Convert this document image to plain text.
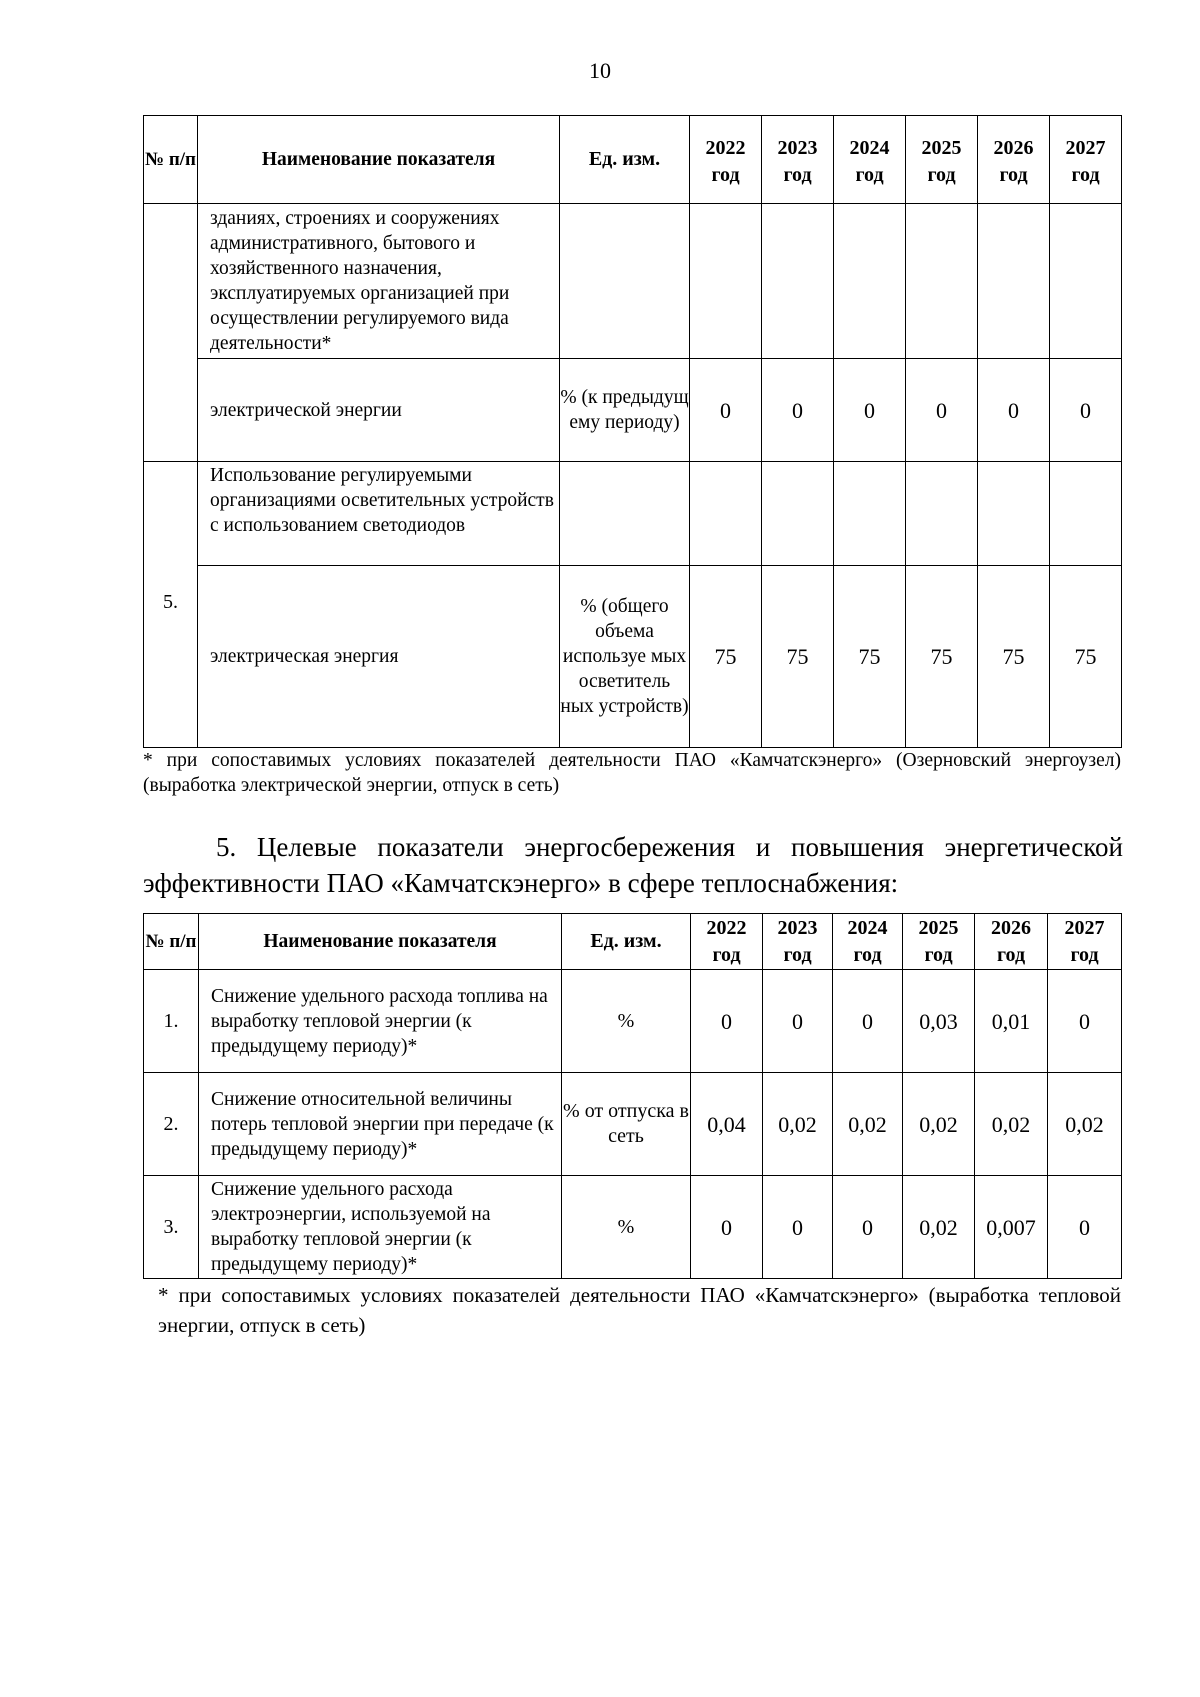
10
№ п/п	Наименование показателя	Ед. изм.	2022 год	2023 год	2024 год	2025 год	2026 год	2027 год
	зданиях, строениях и сооружениях административного, бытового и хозяйственного назначения, эксплуатируемых организацией при осуществлении регулируемого вида деятельности*							
	электрической энергии	% (к предыдущ ему периоду)	0	0	0	0	0	0
5.	Использование регулируемыми организациями осветительных устройств с использованием светодиодов							
	электрическая энергия	% (общего объема используе мых осветитель ных устройств)	75	75	75	75	75	75
* при сопоставимых условиях показателей деятельности ПАО «Камчатскэнерго» (Озерновский энергоузел) (выработка электрической энергии, отпуск в сеть)
5. Целевые показатели энергосбережения и повышения энергетической
эффективности ПАО «Камчатскэнерго» в сфере теплоснабжения:
№ п/п	Наименование показателя	Ед. изм.	2022 год	2023 год	2024 год	2025 год	2026 год	2027 год
1.	Снижение удельного расхода топлива на выработку тепловой энергии (к предыдущему периоду)*	%	0	0	0	0,03	0,01	0
2.	Снижение относительной величины потерь тепловой энергии при передаче (к предыдущему периоду)*	% от отпуска в сеть	0,04	0,02	0,02	0,02	0,02	0,02
3.	Снижение удельного расхода электроэнергии, используемой на выработку тепловой энергии (к предыдущему периоду)*	%	0	0	0	0,02	0,007	0
* при сопоставимых условиях показателей деятельности ПАО «Камчатскэнерго» (выработка тепловой энергии, отпуск в сеть)
